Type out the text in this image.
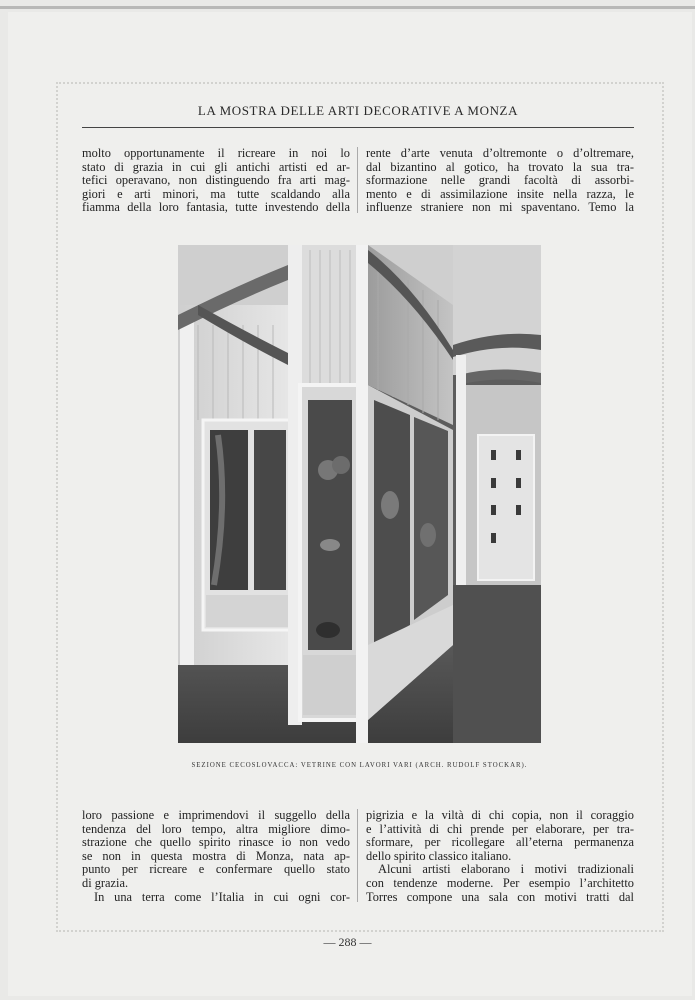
LA MOSTRA DELLE ARTI DECORATIVE A MONZA

molto opportunamente il ricreare in noi lo

stato di grazia in cui gli antichi artisti ed ar-

tefici operavano, non distinguendo fra arti mag-

giori e arti minori, ma tutte scaldando alla

fiamma della loro fantasia, tutte investendo della

rente d’arte venuta d’oltremonte o d’oltremare,

dal bizantino al gotico, ha trovato la sua tra-

sformazione nelle grandi facoltà di assorbi-

mento e di assimilazione insite nella razza, le

influenze straniere non mi spaventano. Temo la

SEZIONE CECOSLOVACCA: VETRINE CON LAVORI VARI (ARCH. RUDOLF STOCKAR).

loro passione e imprimendovi il suggello della

tendenza del loro tempo, altra migliore dimo-

strazione che quello spirito rinasce io non vedo

se non in questa mostra di Monza, nata ap-

punto per ricreare e confermare quello stato

di grazia.

In una terra come l’Italia in cui ogni cor-

pigrizia e la viltà di chi copia, non il coraggio

e l’attività di chi prende per elaborare, per tra-

sformare, per ricollegare all’eterna permanenza

dello spirito classico italiano.

Alcuni artisti elaborano i motivi tradizionali

con tendenze moderne. Per esempio l’architetto

Torres compone una sala con motivi tratti dal

— 288 —
